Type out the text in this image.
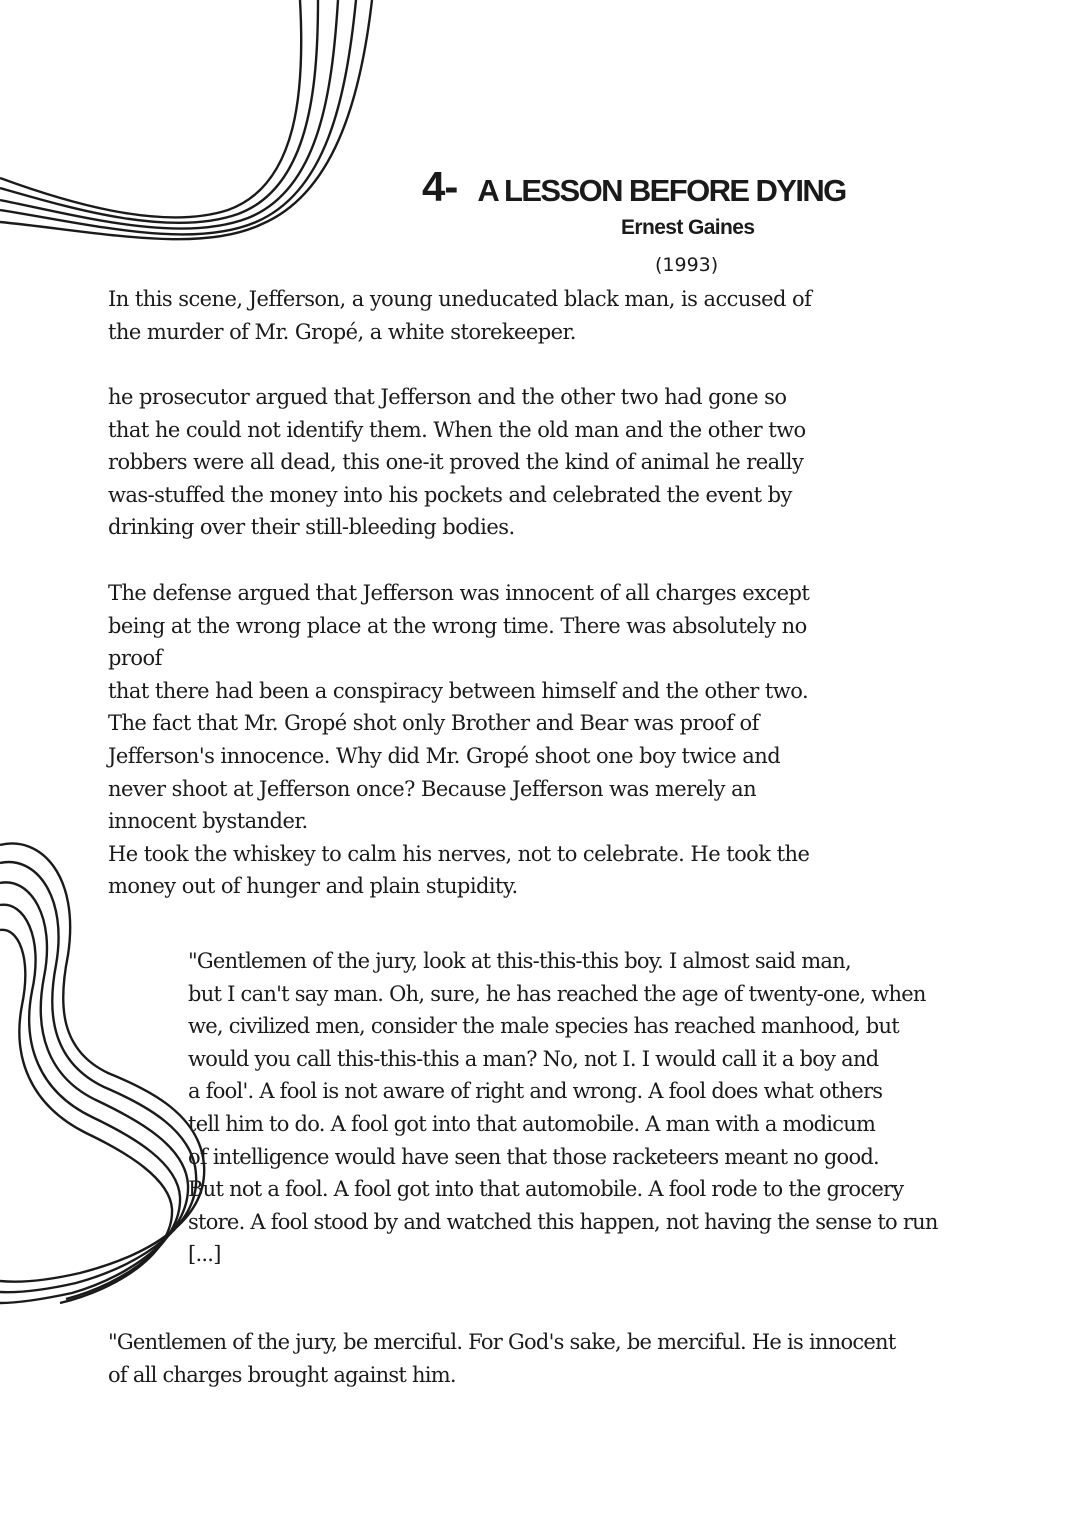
4- A LESSON BEFORE DYING
Ernest Gaines
(1993)

In this scene, Jefferson, a young uneducated black man, is accused of
the murder of Mr. Gropé, a white storekeeper.

he prosecutor argued that Jefferson and the other two had gone so
that he could not identify them. When the old man and the other two
robbers were all dead, this one-it proved the kind of animal he really
was-stuffed the money into his pockets and celebrated the event by
drinking over their still-bleeding bodies.

The defense argued that Jefferson was innocent of all charges except
being at the wrong place at the wrong time. There was absolutely no
proof
that there had been a conspiracy between himself and the other two.
The fact that Mr. Gropé shot only Brother and Bear was proof of
Jefferson's innocence. Why did Mr. Gropé shoot one boy twice and
never shoot at Jefferson once? Because Jefferson was merely an
innocent bystander.
He took the whiskey to calm his nerves, not to celebrate. He took the
money out of hunger and plain stupidity.

"Gentlemen of the jury, look at this-this-this boy. I almost said man,
but I can't say man. Oh, sure, he has reached the age of twenty-one, when
we, civilized men, consider the male species has reached manhood, but
would you call this-this-this a man? No, not I. I would call it a boy and
a fool'. A fool is not aware of right and wrong. A fool does what others
tell him to do. A fool got into that automobile. A man with a modicum
of intelligence would have seen that those racketeers meant no good.
But not a fool. A fool got into that automobile. A fool rode to the grocery
store. A fool stood by and watched this happen, not having the sense to run
[...]

"Gentlemen of the jury, be merciful. For God's sake, be merciful. He is innocent
of all charges brought against him.
